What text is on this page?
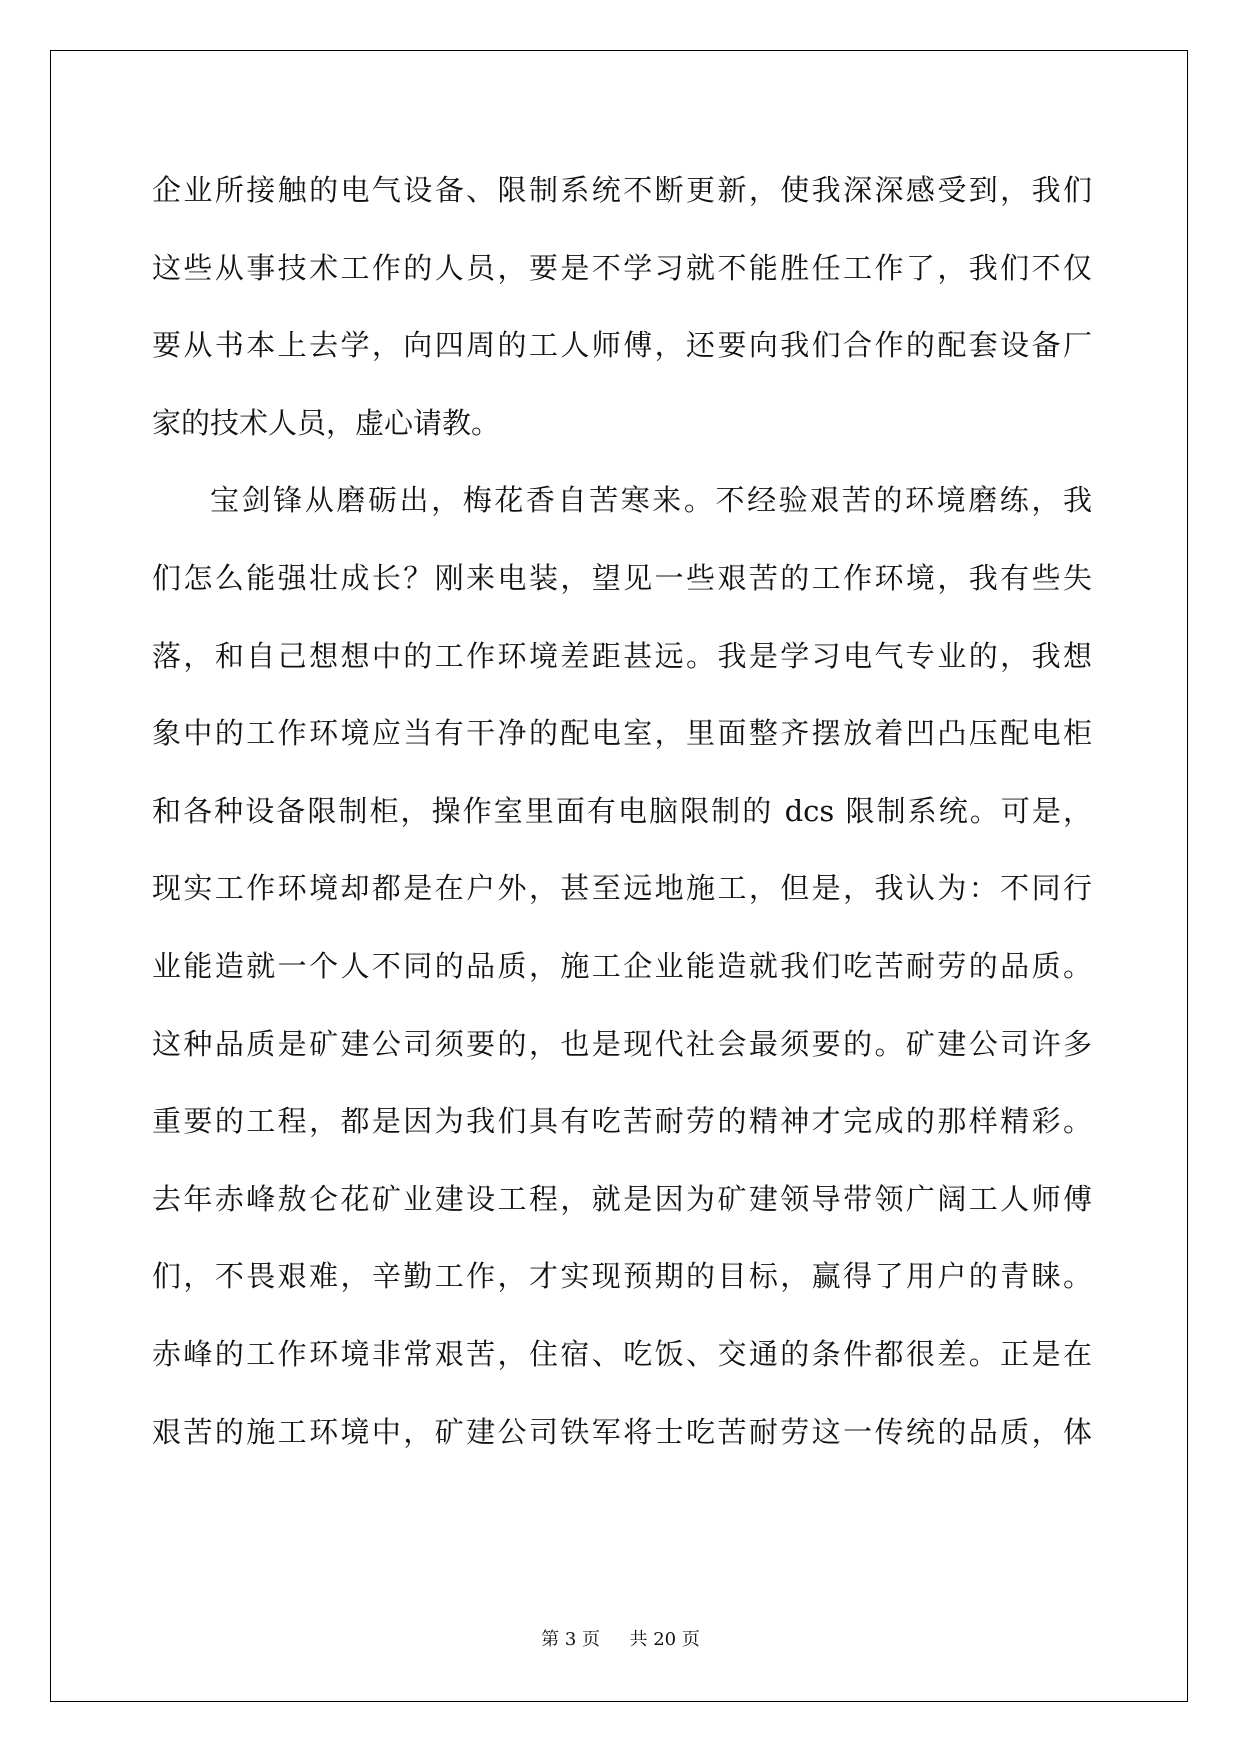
企业所接触的电气设备、限制系统不断更新，使我深深感受到，我们
这些从事技术工作的人员，要是不学习就不能胜任工作了，我们不仅
要从书本上去学，向四周的工人师傅，还要向我们合作的配套设备厂
家的技术人员，虚心请教。
宝剑锋从磨砺出，梅花香自苦寒来。不经验艰苦的环境磨练，我
们怎么能强壮成长？刚来电装，望见一些艰苦的工作环境，我有些失
落，和自己想想中的工作环境差距甚远。我是学习电气专业的，我想
象中的工作环境应当有干净的配电室，里面整齐摆放着凹凸压配电柜
和各种设备限制柜，操作室里面有电脑限制的 dcs 限制系统。可是，
现实工作环境却都是在户外，甚至远地施工，但是，我认为：不同行
业能造就一个人不同的品质，施工企业能造就我们吃苦耐劳的品质。
这种品质是矿建公司须要的，也是现代社会最须要的。矿建公司许多
重要的工程，都是因为我们具有吃苦耐劳的精神才完成的那样精彩。
去年赤峰敖仑花矿业建设工程，就是因为矿建领导带领广阔工人师傅
们，不畏艰难，辛勤工作，才实现预期的目标，赢得了用户的青睐。
赤峰的工作环境非常艰苦，住宿、吃饭、交通的条件都很差。正是在
艰苦的施工环境中，矿建公司铁军将士吃苦耐劳这一传统的品质，体
第 3 页 共 20 页
